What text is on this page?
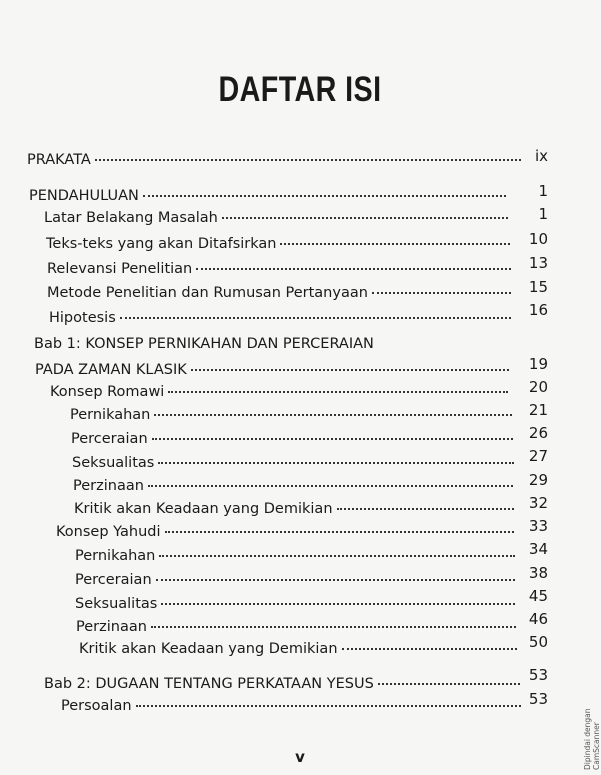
DAFTAR ISI
PRAKATA	ix
PENDAHULUAN	1
Latar Belakang Masalah	1
Teks-teks yang akan Ditafsirkan	10
Relevansi Penelitian	13
Metode Penelitian dan Rumusan Pertanyaan	15
Hipotesis	16
Bab 1: KONSEP PERNIKAHAN DAN PERCERAIAN
PADA ZAMAN KLASIK	19
Konsep Romawi	20
Pernikahan	21
Perceraian	26
Seksualitas	27
Perzinaan	29
Kritik akan Keadaan yang Demikian	32
Konsep Yahudi	33
Pernikahan	34
Perceraian	38
Seksualitas	45
Perzinaan	46
Kritik akan Keadaan yang Demikian	50
Bab 2: DUGAAN TENTANG PERKATAAN YESUS	53
Persoalan	53
v	Dipindai dengan CamScanner
